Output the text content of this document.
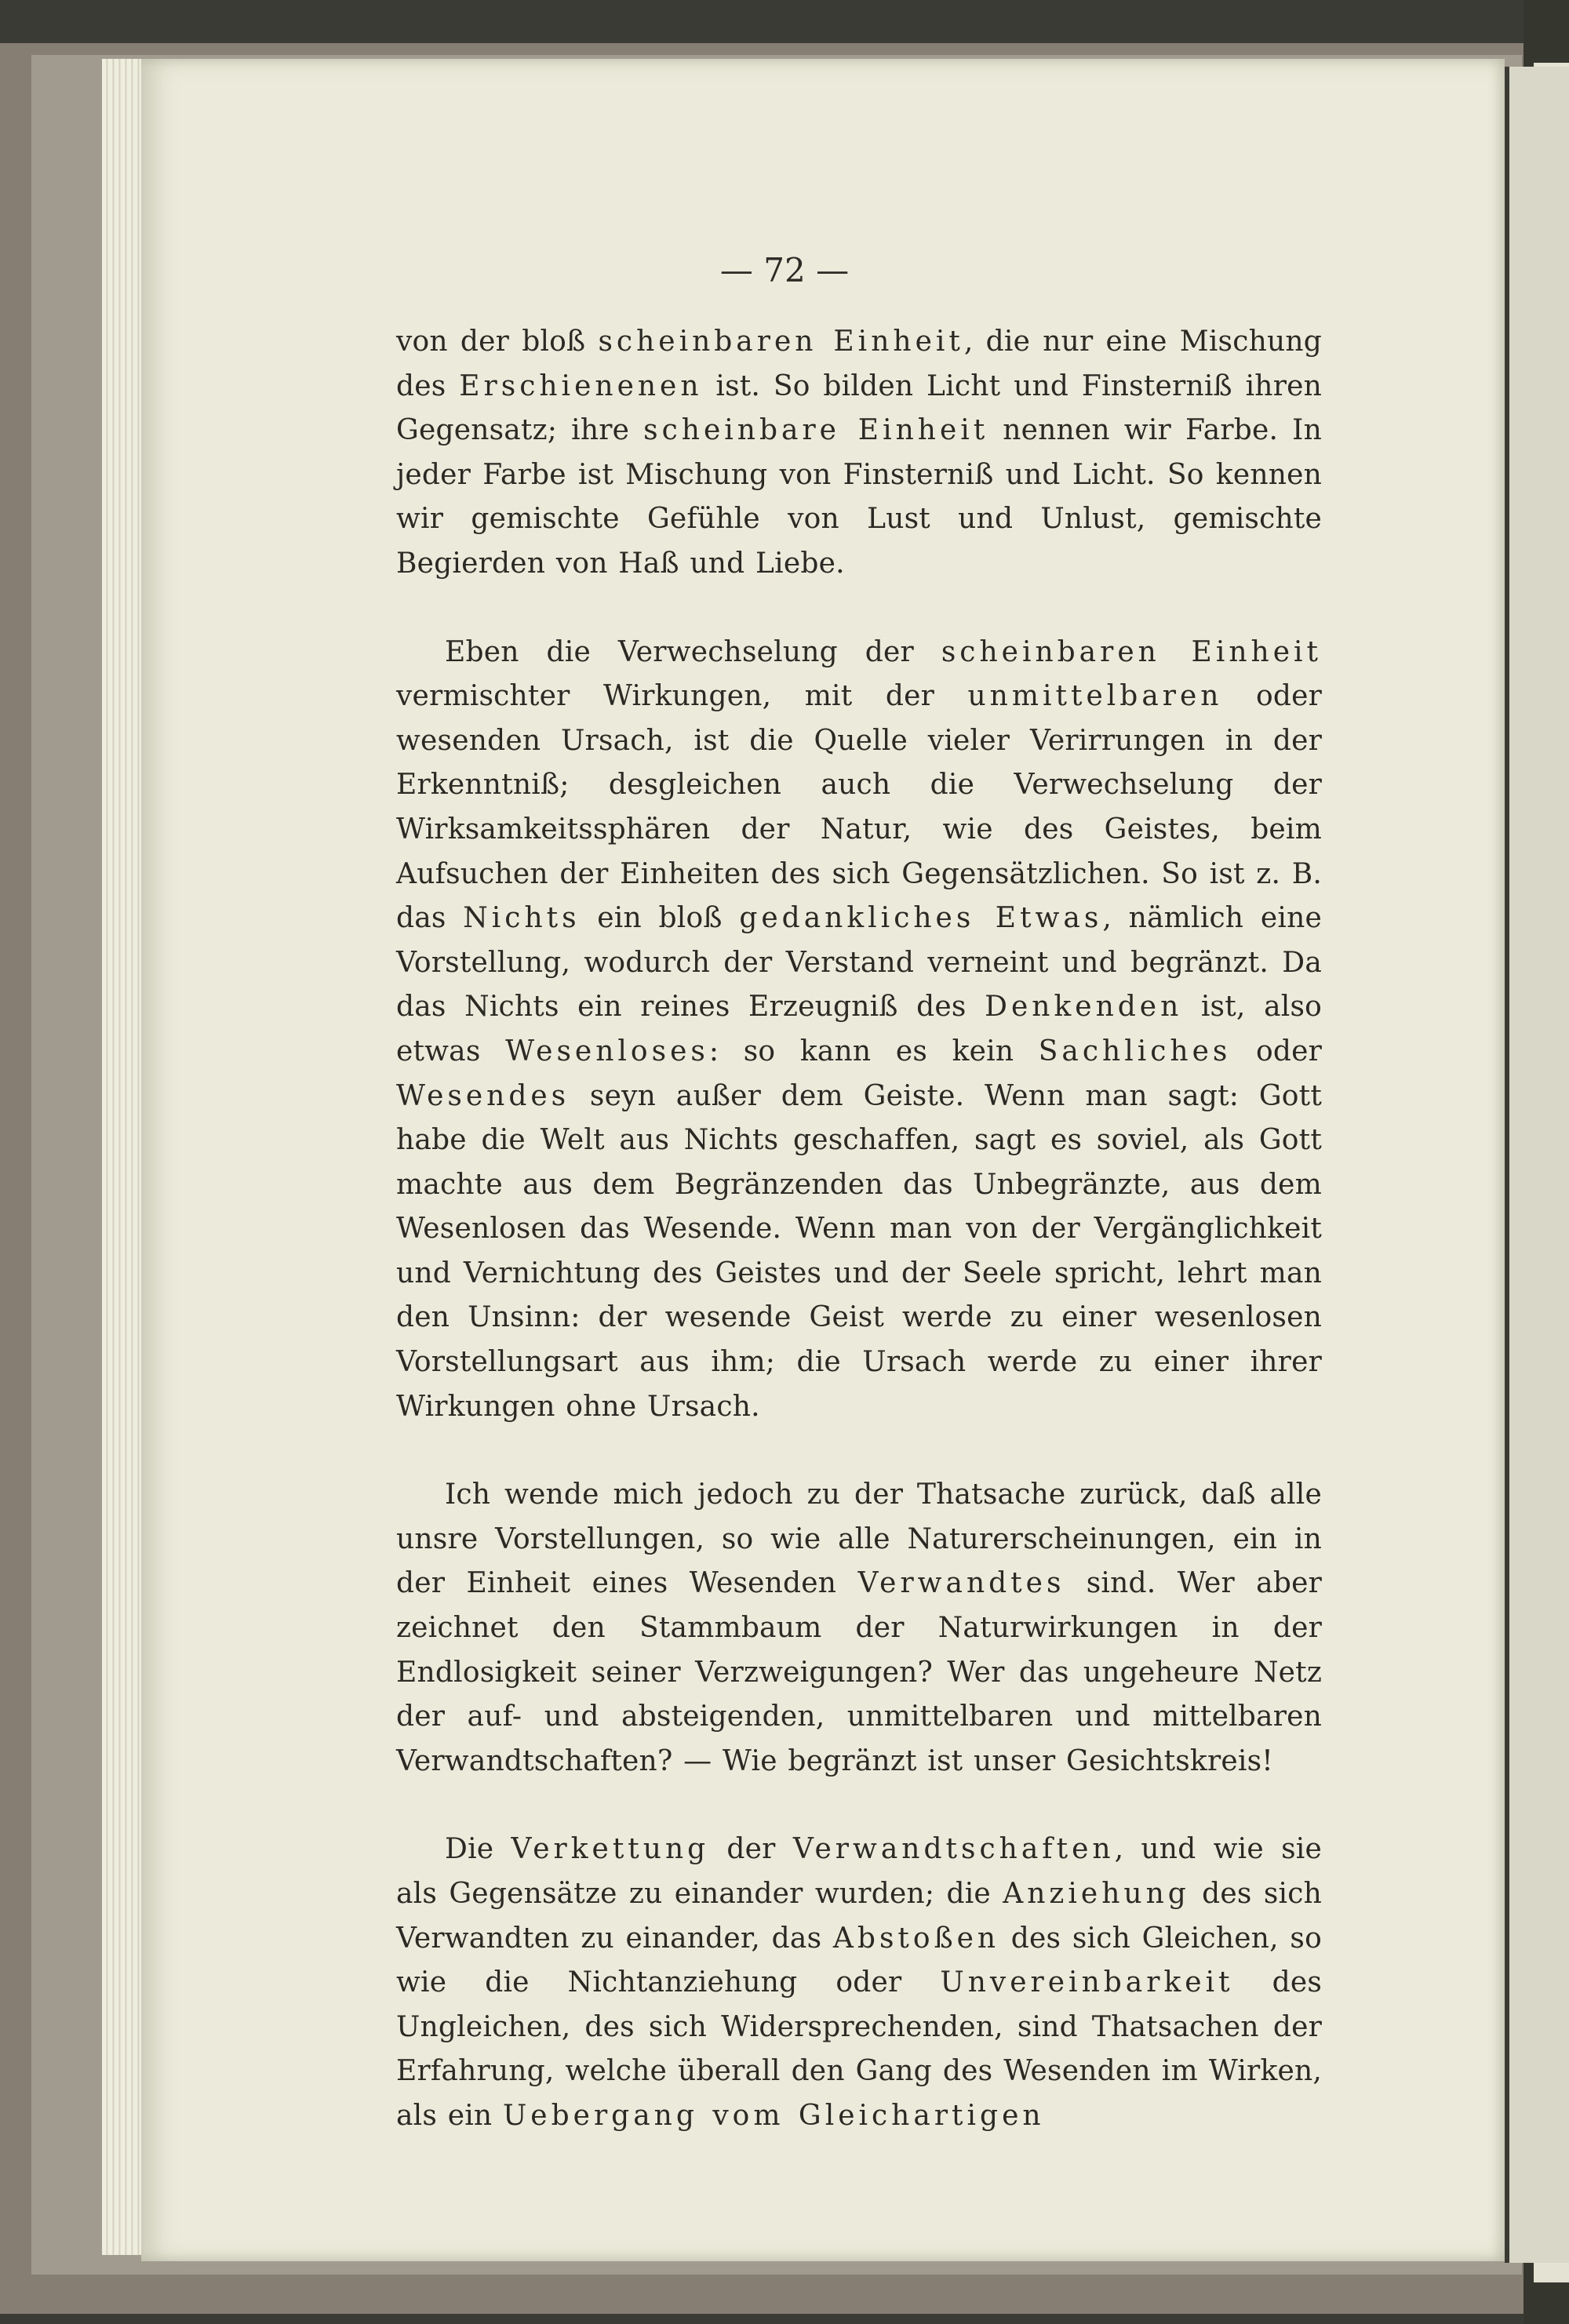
— 72 —

von der bloß scheinbaren Einheit, die nur eine Mischung des Erschienenen ist. So bilden Licht und Finsterniß ihren Gegensatz; ihre scheinbare Einheit nennen wir Farbe. In jeder Farbe ist Mischung von Finsterniß und Licht. So kennen wir gemischte Gefühle von Lust und Unlust, gemischte Begierden von Haß und Liebe.

Eben die Verwechselung der scheinbaren Einheit vermischter Wirkungen, mit der unmittelbaren oder wesenden Ursach, ist die Quelle vieler Verirrungen in der Erkenntniß; desgleichen auch die Verwechselung der Wirksamkeitssphären der Natur, wie des Geistes, beim Aufsuchen der Einheiten des sich Gegensätzlichen. So ist z. B. das Nichts ein bloß gedankliches Etwas, nämlich eine Vorstellung, wodurch der Verstand verneint und begränzt. Da das Nichts ein reines Erzeugniß des Denkenden ist, also etwas Wesenloses: so kann es kein Sachliches oder Wesendes seyn außer dem Geiste. Wenn man sagt: Gott habe die Welt aus Nichts geschaffen, sagt es soviel, als Gott machte aus dem Begränzenden das Unbegränzte, aus dem Wesenlosen das Wesende. Wenn man von der Vergänglichkeit und Vernichtung des Geistes und der Seele spricht, lehrt man den Unsinn: der wesende Geist werde zu einer wesenlosen Vorstellungsart aus ihm; die Ursach werde zu einer ihrer Wirkungen ohne Ursach.

Ich wende mich jedoch zu der Thatsache zurück, daß alle unsre Vorstellungen, so wie alle Naturerscheinungen, ein in der Einheit eines Wesenden Verwandtes sind. Wer aber zeichnet den Stammbaum der Naturwirkungen in der Endlosigkeit seiner Verzweigungen? Wer das ungeheure Netz der auf- und absteigenden, unmittelbaren und mittelbaren Verwandtschaften? — Wie begränzt ist unser Gesichtskreis!

Die Verkettung der Verwandtschaften, und wie sie als Gegensätze zu einander wurden; die Anziehung des sich Verwandten zu einander, das Abstoßen des sich Gleichen, so wie die Nichtanziehung oder Unvereinbarkeit des Ungleichen, des sich Widersprechenden, sind Thatsachen der Erfahrung, welche überall den Gang des Wesenden im Wirken, als ein Uebergang vom Gleichartigen
